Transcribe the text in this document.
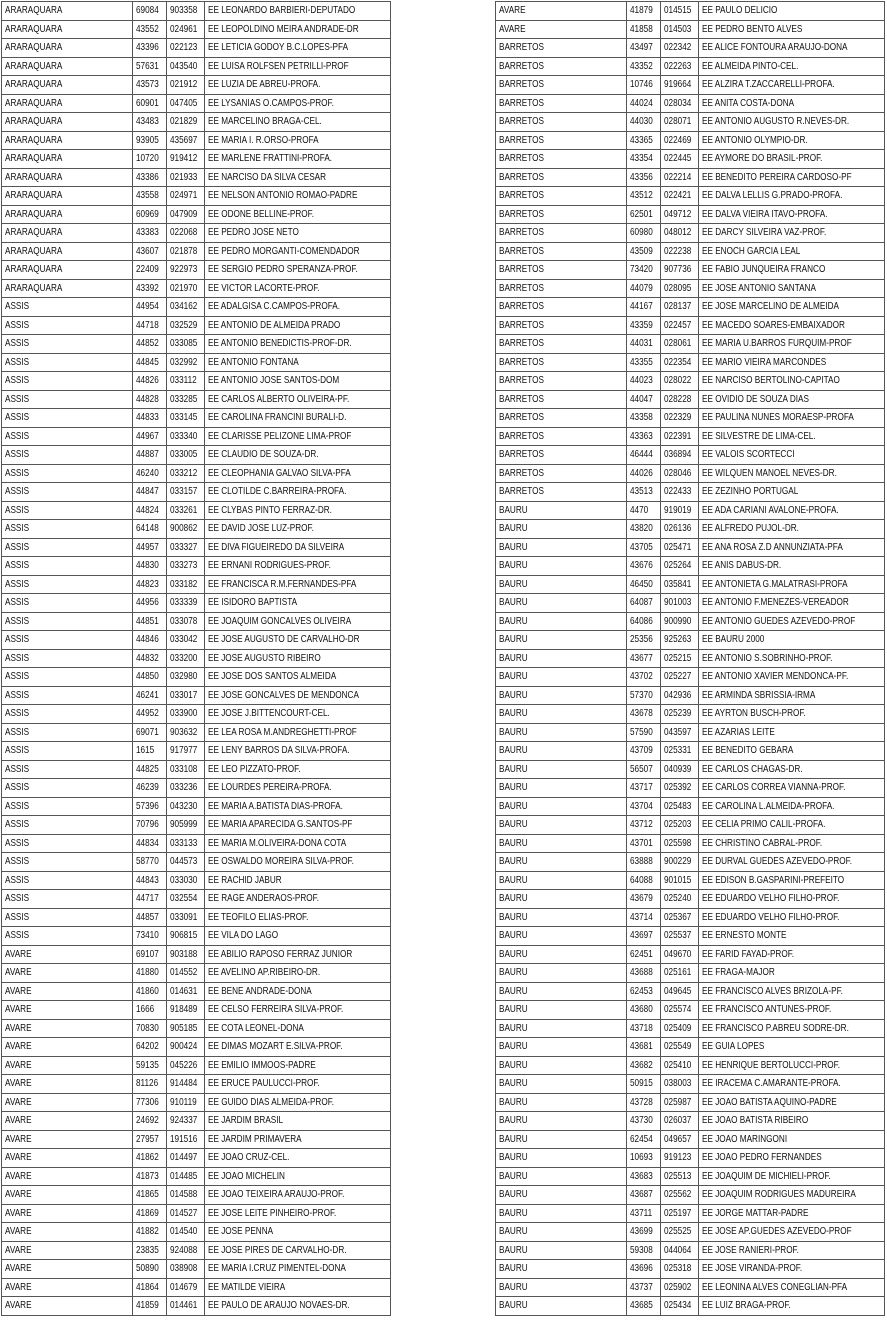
ARARAQUARA	69084	903358	EE LEONARDO BARBIERI-DEPUTADO
ARARAQUARA	43552	024961	EE LEOPOLDINO MEIRA ANDRADE-DR
ARARAQUARA	43396	022123	EE LETICIA GODOY B.C.LOPES-PFA
ARARAQUARA	57631	043540	EE LUISA ROLFSEN PETRILLI-PROF
ARARAQUARA	43573	021912	EE LUZIA DE ABREU-PROFA.
ARARAQUARA	60901	047405	EE LYSANIAS O.CAMPOS-PROF.
ARARAQUARA	43483	021829	EE MARCELINO BRAGA-CEL.
ARARAQUARA	93905	435697	EE MARIA I. R.ORSO-PROFA
ARARAQUARA	10720	919412	EE MARLENE FRATTINI-PROFA.
ARARAQUARA	43386	021933	EE NARCISO DA SILVA CESAR
ARARAQUARA	43558	024971	EE NELSON ANTONIO ROMAO-PADRE
ARARAQUARA	60969	047909	EE ODONE BELLINE-PROF.
ARARAQUARA	43383	022068	EE PEDRO JOSE NETO
ARARAQUARA	43607	021878	EE PEDRO MORGANTI-COMENDADOR
ARARAQUARA	22409	922973	EE SERGIO PEDRO SPERANZA-PROF.
ARARAQUARA	43392	021970	EE VICTOR LACORTE-PROF.
ASSIS	44954	034162	EE ADALGISA C.CAMPOS-PROFA.
ASSIS	44718	032529	EE ANTONIO DE ALMEIDA PRADO
ASSIS	44852	033085	EE ANTONIO BENEDICTIS-PROF-DR.
ASSIS	44845	032992	EE ANTONIO FONTANA
ASSIS	44826	033112	EE ANTONIO JOSE SANTOS-DOM
ASSIS	44828	033285	EE CARLOS ALBERTO OLIVEIRA-PF.
ASSIS	44833	033145	EE CAROLINA FRANCINI BURALI-D.
ASSIS	44967	033340	EE CLARISSE PELIZONE LIMA-PROF
ASSIS	44887	033005	EE CLAUDIO DE SOUZA-DR.
ASSIS	46240	033212	EE CLEOPHANIA GALVAO SILVA-PFA
ASSIS	44847	033157	EE CLOTILDE C.BARREIRA-PROFA.
ASSIS	44824	033261	EE CLYBAS PINTO FERRAZ-DR.
ASSIS	64148	900862	EE DAVID JOSE LUZ-PROF.
ASSIS	44957	033327	EE DIVA FIGUEIREDO DA SILVEIRA
ASSIS	44830	033273	EE ERNANI RODRIGUES-PROF.
ASSIS	44823	033182	EE FRANCISCA R.M.FERNANDES-PFA
ASSIS	44956	033339	EE ISIDORO BAPTISTA
ASSIS	44851	033078	EE JOAQUIM GONCALVES OLIVEIRA
ASSIS	44846	033042	EE JOSE AUGUSTO DE CARVALHO-DR
ASSIS	44832	033200	EE JOSE AUGUSTO RIBEIRO
ASSIS	44850	032980	EE JOSE DOS SANTOS ALMEIDA
ASSIS	46241	033017	EE JOSE GONCALVES DE MENDONCA
ASSIS	44952	033900	EE JOSE J.BITTENCOURT-CEL.
ASSIS	69071	903632	EE LEA ROSA M.ANDREGHETTI-PROF
ASSIS	1615	917977	EE LENY BARROS DA SILVA-PROFA.
ASSIS	44825	033108	EE LEO PIZZATO-PROF.
ASSIS	46239	033236	EE LOURDES PEREIRA-PROFA.
ASSIS	57396	043230	EE MARIA A.BATISTA DIAS-PROFA.
ASSIS	70796	905999	EE MARIA APARECIDA G.SANTOS-PF
ASSIS	44834	033133	EE MARIA M.OLIVEIRA-DONA COTA
ASSIS	58770	044573	EE OSWALDO MOREIRA SILVA-PROF.
ASSIS	44843	033030	EE RACHID JABUR
ASSIS	44717	032554	EE RAGE ANDERAOS-PROF.
ASSIS	44857	033091	EE TEOFILO ELIAS-PROF.
ASSIS	73410	906815	EE VILA DO LAGO
AVARE	69107	903188	EE ABILIO RAPOSO FERRAZ JUNIOR
AVARE	41880	014552	EE AVELINO AP.RIBEIRO-DR.
AVARE	41860	014631	EE BENE ANDRADE-DONA
AVARE	1666	918489	EE CELSO FERREIRA SILVA-PROF.
AVARE	70830	905185	EE COTA LEONEL-DONA
AVARE	64202	900424	EE DIMAS MOZART E.SILVA-PROF.
AVARE	59135	045226	EE EMILIO IMMOOS-PADRE
AVARE	81126	914484	EE ERUCE PAULUCCI-PROF.
AVARE	77306	910119	EE GUIDO DIAS ALMEIDA-PROF.
AVARE	24692	924337	EE JARDIM BRASIL
AVARE	27957	191516	EE JARDIM PRIMAVERA
AVARE	41862	014497	EE JOAO CRUZ-CEL.
AVARE	41873	014485	EE JOAO MICHELIN
AVARE	41865	014588	EE JOAO TEIXEIRA ARAUJO-PROF.
AVARE	41869	014527	EE JOSE LEITE PINHEIRO-PROF.
AVARE	41882	014540	EE JOSE PENNA
AVARE	23835	924088	EE JOSE PIRES DE CARVALHO-DR.
AVARE	50890	038908	EE MARIA I.CRUZ PIMENTEL-DONA
AVARE	41864	014679	EE MATILDE VIEIRA
AVARE	41859	014461	EE PAULO DE ARAUJO NOVAES-DR.
AVARE	41879	014515	EE PAULO DELICIO
AVARE	41858	014503	EE PEDRO BENTO ALVES
BARRETOS	43497	022342	EE ALICE FONTOURA ARAUJO-DONA
BARRETOS	43352	022263	EE ALMEIDA PINTO-CEL.
BARRETOS	10746	919664	EE ALZIRA T.ZACCARELLI-PROFA.
BARRETOS	44024	028034	EE ANITA COSTA-DONA
BARRETOS	44030	028071	EE ANTONIO AUGUSTO R.NEVES-DR.
BARRETOS	43365	022469	EE ANTONIO OLYMPIO-DR.
BARRETOS	43354	022445	EE AYMORE DO BRASIL-PROF.
BARRETOS	43356	022214	EE BENEDITO PEREIRA CARDOSO-PF
BARRETOS	43512	022421	EE DALVA LELLIS G.PRADO-PROFA.
BARRETOS	62501	049712	EE DALVA VIEIRA ITAVO-PROFA.
BARRETOS	60980	048012	EE DARCY SILVEIRA VAZ-PROF.
BARRETOS	43509	022238	EE ENOCH GARCIA LEAL
BARRETOS	73420	907736	EE FABIO JUNQUEIRA FRANCO
BARRETOS	44079	028095	EE JOSE ANTONIO SANTANA
BARRETOS	44167	028137	EE JOSE MARCELINO DE ALMEIDA
BARRETOS	43359	022457	EE MACEDO SOARES-EMBAIXADOR
BARRETOS	44031	028061	EE MARIA U.BARROS FURQUIM-PROF
BARRETOS	43355	022354	EE MARIO VIEIRA MARCONDES
BARRETOS	44023	028022	EE NARCISO BERTOLINO-CAPITAO
BARRETOS	44047	028228	EE OVIDIO DE SOUZA DIAS
BARRETOS	43358	022329	EE PAULINA NUNES MORAESP-PROFA
BARRETOS	43363	022391	EE SILVESTRE DE LIMA-CEL.
BARRETOS	46444	036894	EE VALOIS SCORTECCI
BARRETOS	44026	028046	EE WILQUEN MANOEL NEVES-DR.
BARRETOS	43513	022433	EE ZEZINHO PORTUGAL
BAURU	4470	919019	EE ADA CARIANI AVALONE-PROFA.
BAURU	43820	026136	EE ALFREDO PUJOL-DR.
BAURU	43705	025471	EE ANA ROSA Z.D ANNUNZIATA-PFA
BAURU	43676	025264	EE ANIS DABUS-DR.
BAURU	46450	035841	EE ANTONIETA G.MALATRASI-PROFA
BAURU	64087	901003	EE ANTONIO F.MENEZES-VEREADOR
BAURU	64086	900990	EE ANTONIO GUEDES AZEVEDO-PROF
BAURU	25356	925263	EE BAURU 2000
BAURU	43677	025215	EE ANTONIO S.SOBRINHO-PROF.
BAURU	43702	025227	EE ANTONIO XAVIER MENDONCA-PF.
BAURU	57370	042936	EE ARMINDA SBRISSIA-IRMA
BAURU	43678	025239	EE AYRTON BUSCH-PROF.
BAURU	57590	043597	EE AZARIAS LEITE
BAURU	43709	025331	EE BENEDITO GEBARA
BAURU	56507	040939	EE CARLOS CHAGAS-DR.
BAURU	43717	025392	EE CARLOS CORREA VIANNA-PROF.
BAURU	43704	025483	EE CAROLINA L.ALMEIDA-PROFA.
BAURU	43712	025203	EE CELIA PRIMO CALIL-PROFA.
BAURU	43701	025598	EE CHRISTINO CABRAL-PROF.
BAURU	63888	900229	EE DURVAL GUEDES AZEVEDO-PROF.
BAURU	64088	901015	EE EDISON B.GASPARINI-PREFEITO
BAURU	43679	025240	EE EDUARDO VELHO FILHO-PROF.
BAURU	43714	025367	EE EDUARDO VELHO FILHO-PROF.
BAURU	43697	025537	EE ERNESTO MONTE
BAURU	62451	049670	EE FARID FAYAD-PROF.
BAURU	43688	025161	EE FRAGA-MAJOR
BAURU	62453	049645	EE FRANCISCO ALVES BRIZOLA-PF.
BAURU	43680	025574	EE FRANCISCO ANTUNES-PROF.
BAURU	43718	025409	EE FRANCISCO P.ABREU SODRE-DR.
BAURU	43681	025549	EE GUIA LOPES
BAURU	43682	025410	EE HENRIQUE BERTOLUCCI-PROF.
BAURU	50915	038003	EE IRACEMA C.AMARANTE-PROFA.
BAURU	43728	025987	EE JOAO BATISTA AQUINO-PADRE
BAURU	43730	026037	EE JOAO BATISTA RIBEIRO
BAURU	62454	049657	EE JOAO MARINGONI
BAURU	10693	919123	EE JOAO PEDRO FERNANDES
BAURU	43683	025513	EE JOAQUIM DE MICHIELI-PROF.
BAURU	43687	025562	EE JOAQUIM RODRIGUES MADUREIRA
BAURU	43711	025197	EE JORGE MATTAR-PADRE
BAURU	43699	025525	EE JOSE AP.GUEDES AZEVEDO-PROF
BAURU	59308	044064	EE JOSE RANIERI-PROF.
BAURU	43696	025318	EE JOSE VIRANDA-PROF.
BAURU	43737	025902	EE LEONINA ALVES CONEGLIAN-PFA
BAURU	43685	025434	EE LUIZ BRAGA-PROF.
